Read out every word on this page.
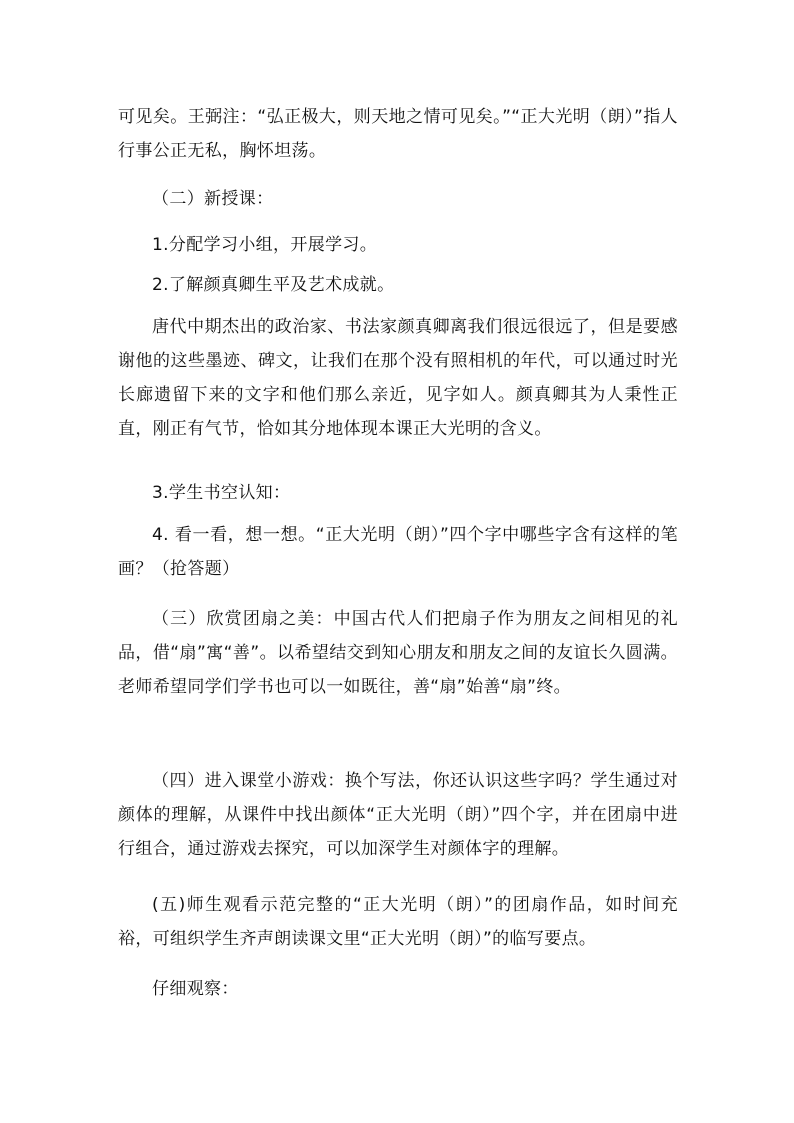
可见矣。王弼注：“弘正极大，则天地之情可见矣。”“正大光明（朗）”指人行事公正无私，胸怀坦荡。

（二）新授课：

1.分配学习小组，开展学习。

2.了解颜真卿生平及艺术成就。

唐代中期杰出的政治家、书法家颜真卿离我们很远很远了，但是要感谢他的这些墨迹、碑文，让我们在那个没有照相机的年代，可以通过时光长廊遗留下来的文字和他们那么亲近，见字如人。颜真卿其为人秉性正直，刚正有气节，恰如其分地体现本课正大光明的含义。

3.学生书空认知：

4. 看一看，想一想。“正大光明（朗）”四个字中哪些字含有这样的笔画？（抢答题）

（三）欣赏团扇之美：中国古代人们把扇子作为朋友之间相见的礼品，借“扇”寓“善”。以希望结交到知心朋友和朋友之间的友谊长久圆满。老师希望同学们学书也可以一如既往，善“扇”始善“扇”终。

（四）进入课堂小游戏：换个写法，你还认识这些字吗？学生通过对颜体的理解，从课件中找出颜体“正大光明（朗）”四个字，并在团扇中进行组合，通过游戏去探究，可以加深学生对颜体字的理解。

(五)师生观看示范完整的“正大光明（朗）”的团扇作品，如时间充裕，可组织学生齐声朗读课文里“正大光明（朗）”的临写要点。

仔细观察：
